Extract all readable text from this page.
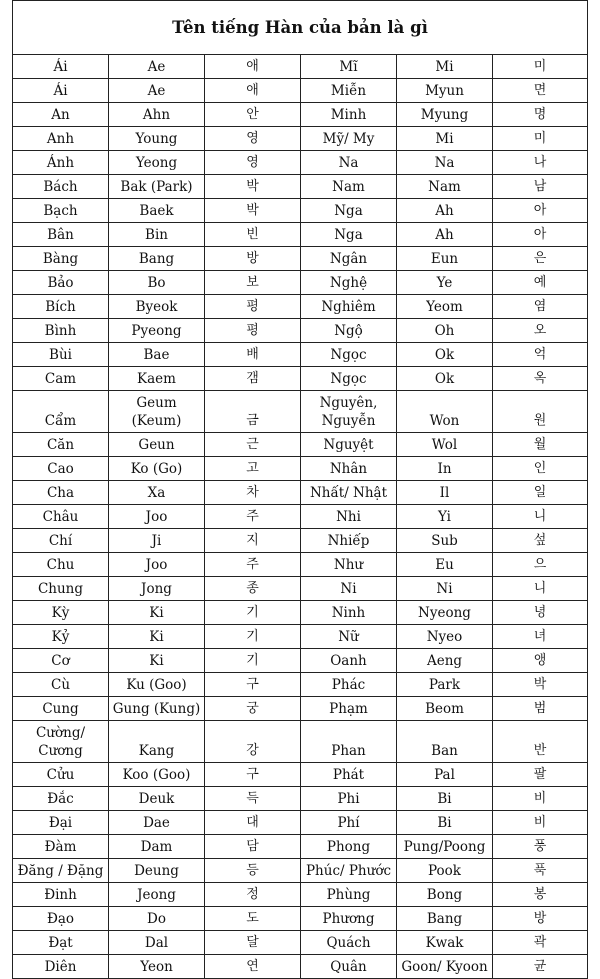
Tên tiếng Hàn của bản là gì					
Ái	Ae	애	Mĩ	Mi	미
Ái	Ae	애	Miễn	Myun	면
An	Ahn	안	Minh	Myung	명
Anh	Young	영	Mỹ/ My	Mi	미
Ánh	Yeong	영	Na	Na	나
Bách	Bak (Park)	박	Nam	Nam	남
Bạch	Baek	박	Nga	Ah	아
Bân	Bin	빈	Nga	Ah	아
Bàng	Bang	방	Ngân	Eun	은
Bảo	Bo	보	Nghệ	Ye	예
Bích	Byeok	평	Nghiêm	Yeom	염
Bình	Pyeong	평	Ngộ	Oh	오
Bùi	Bae	배	Ngọc	Ok	억
Cam	Kaem	갬	Ngọc	Ok	옥
Cẩm	Geum (Keum)	금	Nguyên, Nguyễn	Won	원
Căn	Geun	근	Nguyệt	Wol	월
Cao	Ko (Go)	고	Nhân	In	인
Cha	Xa	차	Nhất/ Nhật	Il	일
Châu	Joo	주	Nhi	Yi	니
Chí	Ji	지	Nhiếp	Sub	섶
Chu	Joo	주	Như	Eu	으
Chung	Jong	종	Ni	Ni	니
Kỳ	Ki	기	Ninh	Nyeong	녕
Kỷ	Ki	기	Nữ	Nyeo	녀
Cơ	Ki	기	Oanh	Aeng	앵
Cù	Ku (Goo)	구	Phác	Park	박
Cung	Gung (Kung)	궁	Phạm	Beom	범
Cường/ Cương	Kang	강	Phan	Ban	반
Cửu	Koo (Goo)	구	Phát	Pal	팔
Đắc	Deuk	득	Phi	Bi	비
Đại	Dae	대	Phí	Bi	비
Đàm	Dam	담	Phong	Pung/Poong	풍
Đăng / Đặng	Deung	등	Phúc/ Phước	Pook	푹
Đinh	Jeong	정	Phùng	Bong	봉
Đạo	Do	도	Phương	Bang	방
Đạt	Dal	달	Quách	Kwak	곽
Diên	Yeon	연	Quân	Goon/ Kyoon	균
